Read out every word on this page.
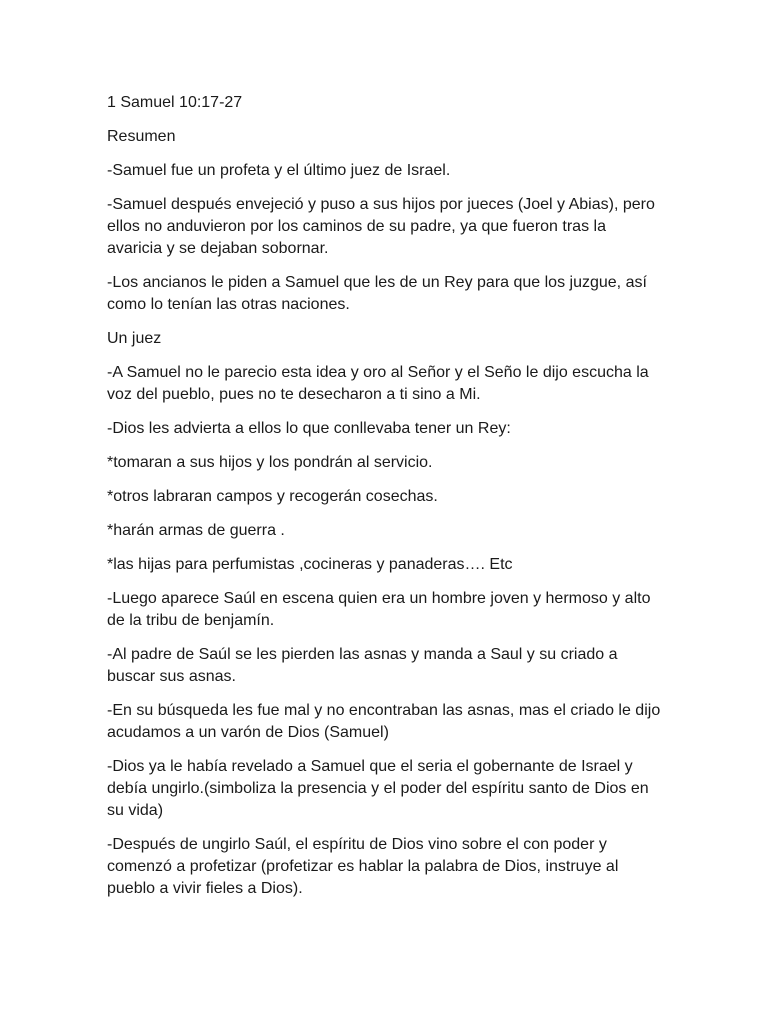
1 Samuel 10:17-27

Resumen

-Samuel fue un profeta y el último juez de Israel.

-Samuel después envejeció y puso a sus hijos por jueces (Joel y Abias), pero ellos no anduvieron por los caminos de su padre, ya que fueron tras la avaricia y se dejaban sobornar.

-Los ancianos le piden a Samuel que les de un Rey para que los juzgue, así como lo tenían las otras naciones.

Un juez

-A Samuel no le parecio esta idea y oro al Señor y el Seño le dijo escucha la voz del pueblo, pues no te desecharon a ti sino a Mi.

-Dios les advierta a ellos lo que conllevaba tener un Rey:

*tomaran a sus hijos y los pondrán al servicio.

*otros labraran campos y recogerán cosechas.

*harán armas de guerra .

*las hijas para perfumistas ,cocineras y panaderas…. Etc

-Luego aparece Saúl en escena quien era un hombre joven y hermoso y alto de la tribu de benjamín.

-Al padre de Saúl se les pierden las asnas y manda a Saul y su criado a buscar sus asnas.

-En su búsqueda les fue mal y no encontraban las asnas, mas el criado le dijo acudamos a un varón de Dios (Samuel)

-Dios ya le había revelado a Samuel que el seria el gobernante de Israel y debía ungirlo.(simboliza la presencia y el poder del espíritu santo de Dios en su vida)

-Después de ungirlo Saúl, el espíritu de Dios vino sobre el con poder y comenzó a profetizar (profetizar es hablar la palabra de Dios, instruye al pueblo a vivir fieles a Dios).
